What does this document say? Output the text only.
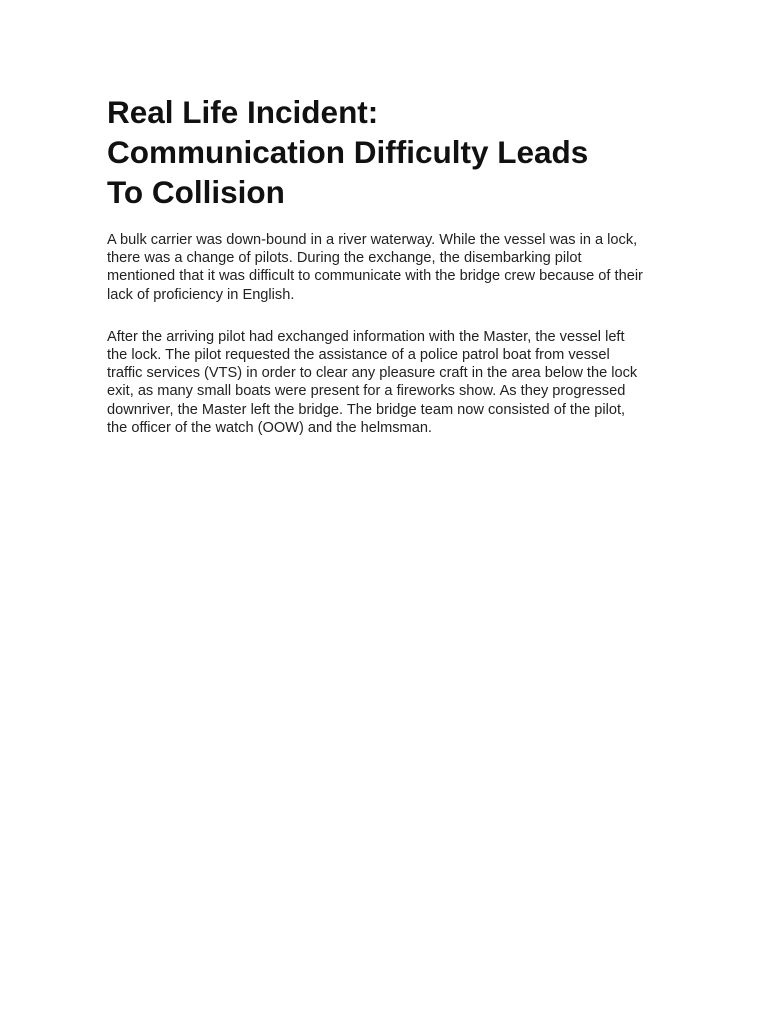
Real Life Incident:
Communication Difficulty Leads
To Collision

A bulk carrier was down-bound in a river waterway. While the vessel was in a lock,
there was a change of pilots. During the exchange, the disembarking pilot
mentioned that it was difficult to communicate with the bridge crew because of their
lack of proficiency in English.

After the arriving pilot had exchanged information with the Master, the vessel left
the lock. The pilot requested the assistance of a police patrol boat from vessel
traffic services (VTS) in order to clear any pleasure craft in the area below the lock
exit, as many small boats were present for a fireworks show. As they progressed
downriver, the Master left the bridge. The bridge team now consisted of the pilot,
the officer of the watch (OOW) and the helmsman.
